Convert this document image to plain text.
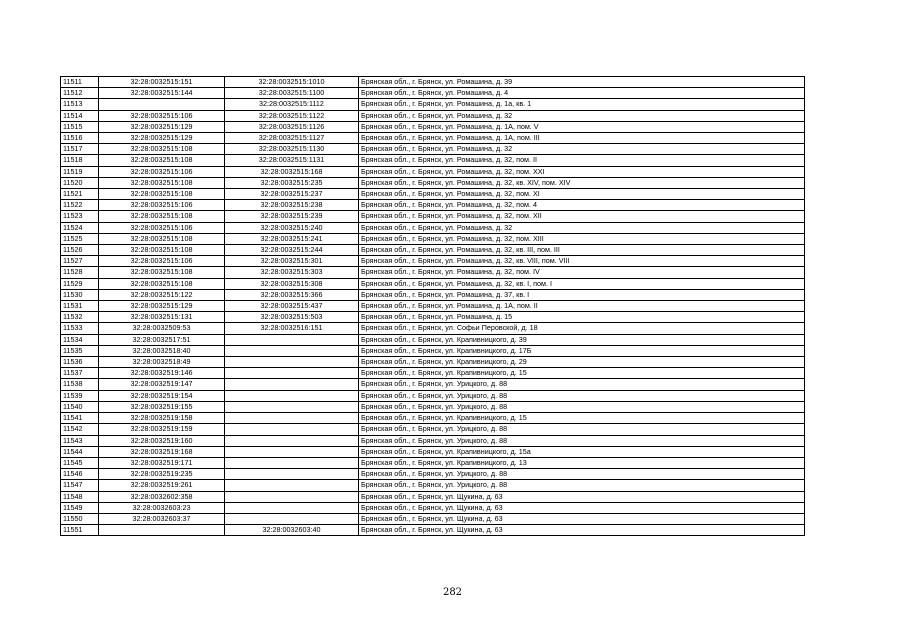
11511	32:28:0032515:151	32:28:0032515:1010	Брянская обл., г. Брянск, ул. Ромашина, д. 39
11512	32:28:0032515:144	32:28:0032515:1100	Брянская обл., г. Брянск, ул. Ромашина, д. 4
11513		32:28:0032515:1112	Брянская обл., г. Брянск, ул. Ромашина, д. 1а, кв. 1
11514	32:28:0032515:106	32:28:0032515:1122	Брянская обл., г. Брянск, ул. Ромашина, д. 32
11515	32:28:0032515:129	32:28:0032515:1126	Брянская обл., г. Брянск, ул. Ромашина, д. 1А, пом. V
11516	32:28:0032515:129	32:28:0032515:1127	Брянская обл., г. Брянск, ул. Ромашина, д. 1А, пом. III
11517	32:28:0032515:108	32:28:0032515:1130	Брянская обл., г. Брянск, ул. Ромашина, д. 32
11518	32:28:0032515:108	32:28:0032515:1131	Брянская обл., г. Брянск, ул. Ромашина, д. 32, пом. II
11519	32:28:0032515:106	32:28:0032515:168	Брянская обл., г. Брянск, ул. Ромашина, д. 32, пом. XXI
11520	32:28:0032515:108	32:28:0032515:235	Брянская обл., г. Брянск, ул. Ромашина, д. 32, кв. XIV, пом. XIV
11521	32:28:0032515:108	32:28:0032515:237	Брянская обл., г. Брянск, ул. Ромашина, д. 32, пом. XI
11522	32:28:0032515:106	32:28:0032515:238	Брянская обл., г. Брянск, ул. Ромашина, д. 32, пом. 4
11523	32:28:0032515:108	32:28:0032515:239	Брянская обл., г. Брянск, ул. Ромашина, д. 32, пом. XII
11524	32:28:0032515:106	32:28:0032515:240	Брянская обл., г. Брянск, ул. Ромашина, д. 32
11525	32:28:0032515:108	32:28:0032515:241	Брянская обл., г. Брянск, ул. Ромашина, д. 32, пом. XIII
11526	32:28:0032515:108	32:28:0032515:244	Брянская обл., г. Брянск, ул. Ромашина, д. 32, кв. III, пом. III
11527	32:28:0032515:106	32:28:0032515:301	Брянская обл., г. Брянск, ул. Ромашина, д. 32, кв. VIII, пом. VIII
11528	32:28:0032515:108	32:28:0032515:303	Брянская обл., г. Брянск, ул. Ромашина, д. 32, пом. IV
11529	32:28:0032515:108	32:28:0032515:308	Брянская обл., г. Брянск, ул. Ромашина, д. 32, кв. I, пом. I
11530	32:28:0032515:122	32:28:0032515:366	Брянская обл., г. Брянск, ул. Ромашина, д. 37, кв. I
11531	32:28:0032515:129	32:28:0032515:437	Брянская обл., г. Брянск, ул. Ромашина, д. 1А, пом. II
11532	32:28:0032515:131	32:28:0032515:503	Брянская обл., г. Брянск, ул. Ромашина, д. 15
11533	32:28:0032509:53	32:28:0032516:151	Брянская обл., г. Брянск, ул. Софьи Перовской, д. 18
11534	32:28:0032517:51		Брянская обл., г. Брянск, ул. Крапивницкого, д. 39
11535	32:28:0032518:40		Брянская обл., г. Брянск, ул. Крапивницкого, д. 17Б
11536	32:28:0032518:49		Брянская обл., г. Брянск, ул. Крапивницкого, д. 29
11537	32:28:0032519:146		Брянская обл., г. Брянск, ул. Крапивницкого, д. 15
11538	32:28:0032519:147		Брянская обл., г. Брянск, ул. Урицкого, д. 88
11539	32:28:0032519:154		Брянская обл., г. Брянск, ул. Урицкого, д. 88
11540	32:28:0032519:155		Брянская обл., г. Брянск, ул. Урицкого, д. 88
11541	32:28:0032519:158		Брянская обл., г. Брянск, ул. Крапивницкого, д. 15
11542	32:28:0032519:159		Брянская обл., г. Брянск, ул. Урицкого, д. 88
11543	32:28:0032519:160		Брянская обл., г. Брянск, ул. Урицкого, д. 88
11544	32:28:0032519:168		Брянская обл., г. Брянск, ул. Крапивницкого, д. 15а
11545	32:28:0032519:171		Брянская обл., г. Брянск, ул. Крапивницкого, д. 13
11546	32:28:0032519:235		Брянская обл., г. Брянск, ул. Урицкого, д. 88
11547	32:28:0032519:261		Брянская обл., г. Брянск, ул. Урицкого, д. 88
11548	32:28:0032602:358		Брянская обл., г. Брянск, ул. Щукина, д. 63
11549	32:28:0032603:23		Брянская обл., г. Брянск, ул. Щукина, д. 63
11550	32:28:0032603:37		Брянская обл., г. Брянск, ул. Щукина, д. 63
11551		32:28:0032603:40	Брянская обл., г. Брянск, ул. Щукина, д. 63
282
